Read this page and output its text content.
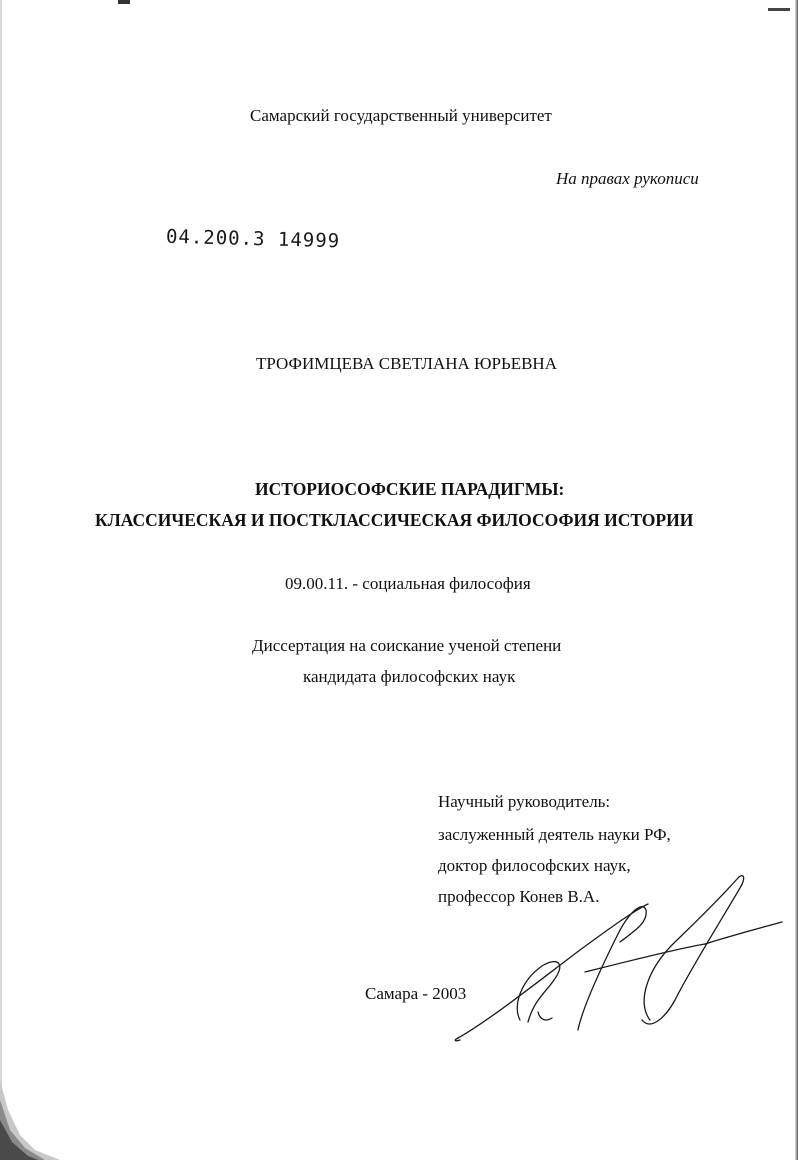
Самарский государственный университет
На правах рукописи
04.200.3 14999
ТРОФИМЦЕВА СВЕТЛАНА ЮРЬЕВНА
ИСТОРИОСОФСКИЕ ПАРАДИГМЫ:
КЛАССИЧЕСКАЯ И ПОСТКЛАССИЧЕСКАЯ ФИЛОСОФИЯ ИСТОРИИ
09.00.11. - социальная философия
Диссертация на соискание ученой степени
кандидата философских наук
Научный руководитель:
заслуженный деятель науки РФ,
доктор философских наук,
профессор Конев В.А.
Самара - 2003
